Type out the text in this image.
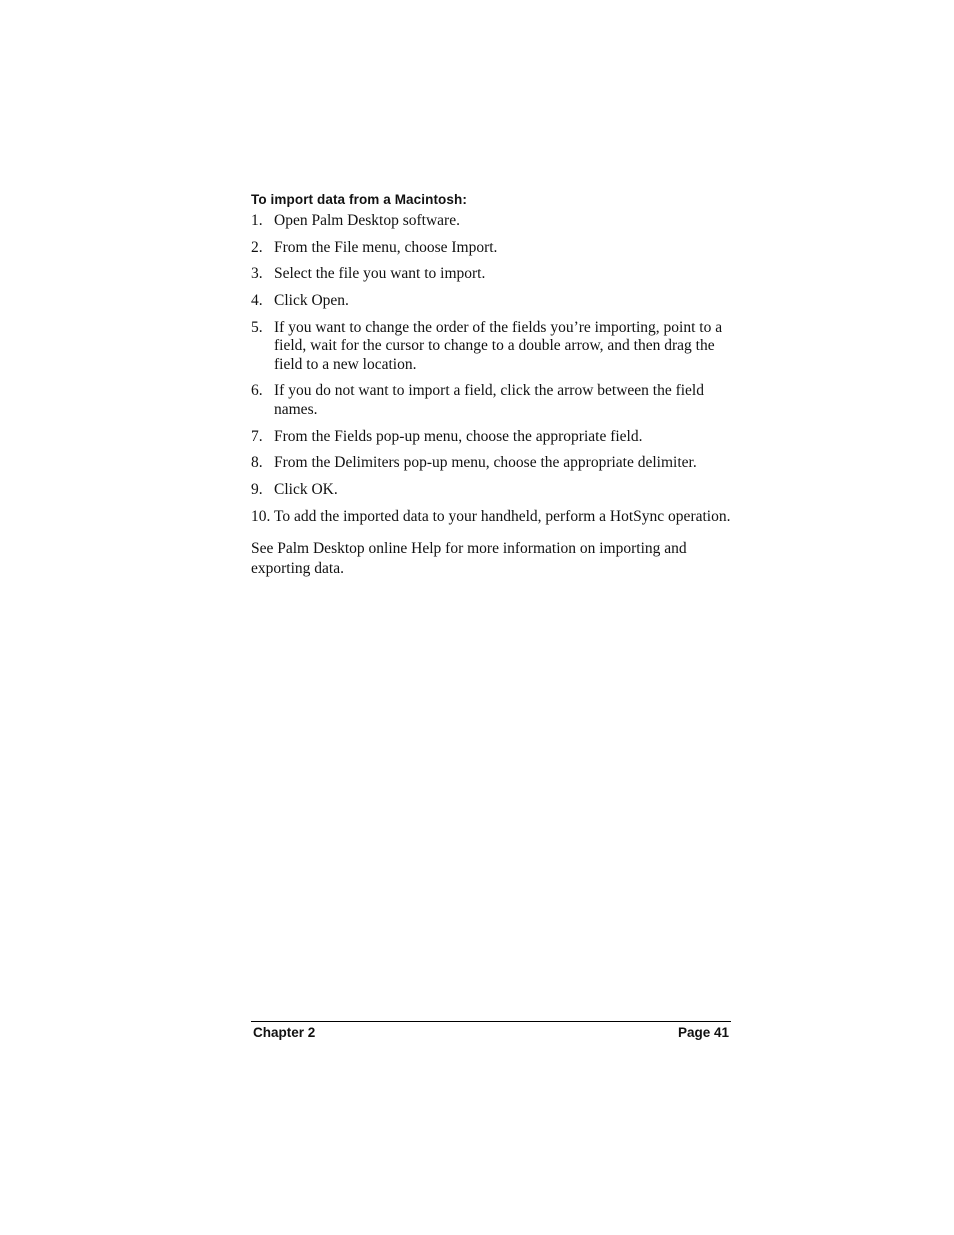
To import data from a Macintosh:
1. Open Palm Desktop software.
2. From the File menu, choose Import.
3. Select the file you want to import.
4. Click Open.
5. If you want to change the order of the fields you’re importing, point to a field, wait for the cursor to change to a double arrow, and then drag the field to a new location.
6. If you do not want to import a field, click the arrow between the field names.
7. From the Fields pop-up menu, choose the appropriate field.
8. From the Delimiters pop-up menu, choose the appropriate delimiter.
9. Click OK.
10. To add the imported data to your handheld, perform a HotSync operation.

See Palm Desktop online Help for more information on importing and exporting data.

Chapter 2	Page 41
